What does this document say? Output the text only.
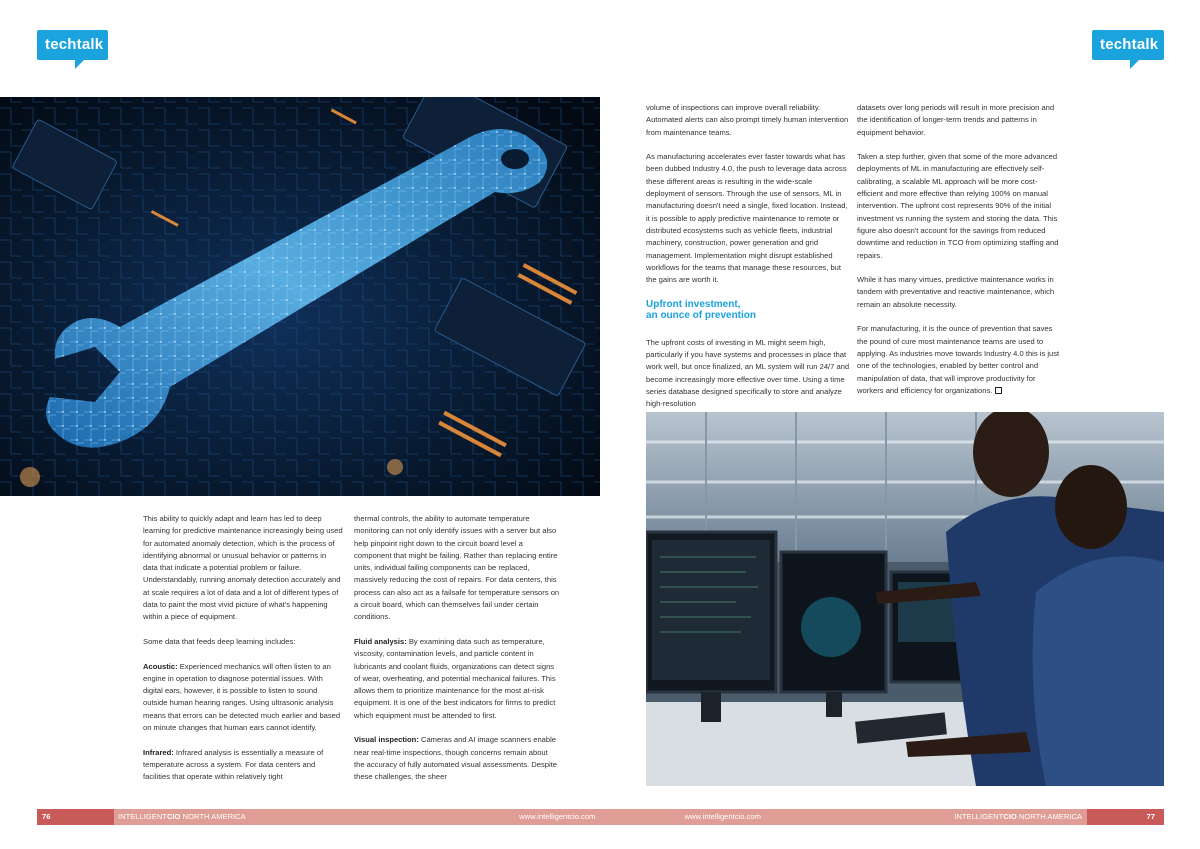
techtalk	techtalk

This ability to quickly adapt and learn has led to deep learning for predictive maintenance increasingly being used for automated anomaly detection, which is the process of identifying abnormal or unusual behavior or patterns in data that indicate a potential problem or failure. Understandably, running anomaly detection accurately and at scale requires a lot of data and a lot of different types of data to paint the most vivid picture of what's happening within a piece of equipment.

Some data that feeds deep learning includes:

Acoustic: Experienced mechanics will often listen to an engine in operation to diagnose potential issues. With digital ears, however, it is possible to listen to sound outside human hearing ranges. Using ultrasonic analysis means that errors can be detected much earlier and based on minute changes that human ears cannot identify.

Infrared: Infrared analysis is essentially a measure of temperature across a system. For data centers and facilities that operate within relatively tight

thermal controls, the ability to automate temperature monitoring can not only identify issues with a server but also help pinpoint right down to the circuit board level a component that might be failing. Rather than replacing entire units, individual failing components can be replaced, massively reducing the cost of repairs. For data centers, this process can also act as a failsafe for temperature sensors on a circuit board, which can themselves fail under certain conditions.

Fluid analysis: By examining data such as temperature, viscosity, contamination levels, and particle content in lubricants and coolant fluids, organizations can detect signs of wear, overheating, and potential mechanical failures. This allows them to prioritize maintenance for the most at-risk equipment. It is one of the best indicators for firms to predict which equipment must be attended to first.

Visual inspection: Cameras and AI image scanners enable near real-time inspections, though concerns remain about the accuracy of fully automated visual assessments. Despite these challenges, the sheer

volume of inspections can improve overall reliability. Automated alerts can also prompt timely human intervention from maintenance teams.

As manufacturing accelerates ever faster towards what has been dubbed Industry 4.0, the push to leverage data across these different areas is resulting in the wide-scale deployment of sensors. Through the use of sensors, ML in manufacturing doesn't need a single, fixed location. Instead, it is possible to apply predictive maintenance to remote or distributed ecosystems such as vehicle fleets, industrial machinery, construction, power generation and grid management. Implementation might disrupt established workflows for the teams that manage these resources, but the gains are worth it.

Upfront investment,
an ounce of prevention

The upfront costs of investing in ML might seem high, particularly if you have systems and processes in place that work well, but once finalized, an ML system will run 24/7 and become increasingly more effective over time. Using a time series database designed specifically to store and analyze high-resolution

datasets over long periods will result in more precision and the identification of longer-term trends and patterns in equipment behavior.

Taken a step further, given that some of the more advanced deployments of ML in manufacturing are effectively self-calibrating, a scalable ML approach will be more cost-efficient and more effective than relying 100% on manual intervention. The upfront cost represents 90% of the initial investment vs running the system and storing the data. This figure also doesn't account for the savings from reduced downtime and reduction in TCO from optimizing staffing and repairs.

While it has many virtues, predictive maintenance works in tandem with preventative and reactive maintenance, which remain an absolute necessity.

For manufacturing, it is the ounce of prevention that saves the pound of cure most maintenance teams are used to applying. As industries move towards Industry 4.0 this is just one of the technologies, enabled by better control and manipulation of data, that will improve productivity for workers and efficiency for organizations.

76	INTELLIGENTCIO NORTH AMERICA	www.intelligentcio.com	www.intelligentcio.com	INTELLIGENTCIO NORTH AMERICA	77
